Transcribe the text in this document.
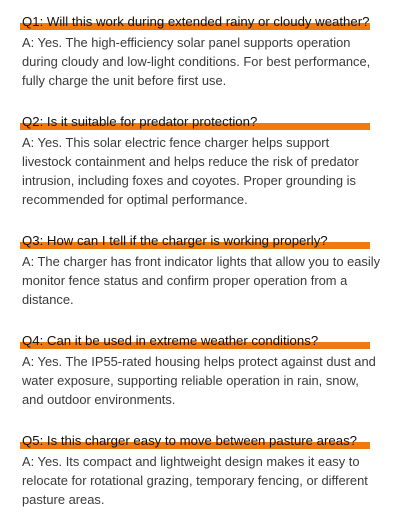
Q1: Will this work during extended rainy or cloudy weather?

A: Yes. The high-efficiency solar panel supports operation during cloudy and low-light conditions. For best performance, fully charge the unit before first use.

Q2: Is it suitable for predator protection?

A: Yes. This solar electric fence charger helps support livestock containment and helps reduce the risk of predator intrusion, including foxes and coyotes. Proper grounding is recommended for optimal performance.

Q3: How can I tell if the charger is working properly?

A: The charger has front indicator lights that allow you to easily monitor fence status and confirm proper operation from a distance.

Q4: Can it be used in extreme weather conditions?

A: Yes. The IP55-rated housing helps protect against dust and water exposure, supporting reliable operation in rain, snow, and outdoor environments.

Q5: Is this charger easy to move between pasture areas?

A: Yes. Its compact and lightweight design makes it easy to relocate for rotational grazing, temporary fencing, or different pasture areas.
